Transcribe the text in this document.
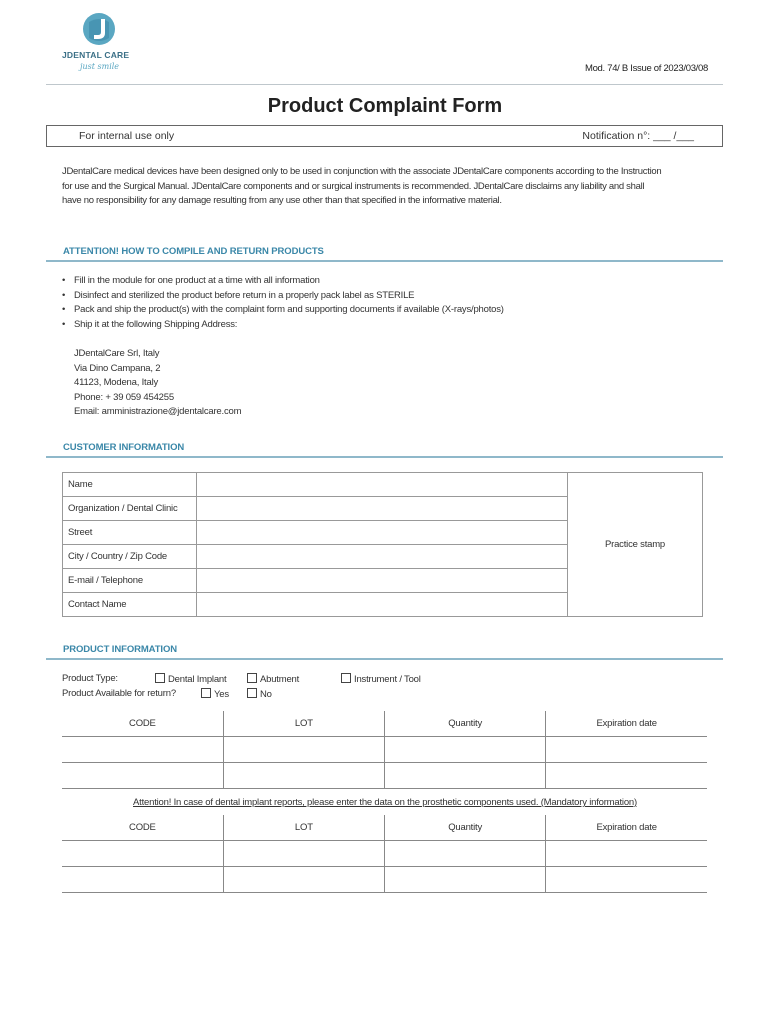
JDENTAL CARE
just smile	Mod. 74/ B Issue of 2023/03/08
Product Complaint Form
For internal use only	Notification n°: ___ /___
JDentalCare medical devices have been designed only to be used in conjunction with the associate JDentalCare components according to the Instruction for use and the Surgical Manual. JDentalCare components and or surgical instruments is recommended. JDentalCare disclaims any liability and shall have no responsibility for any damage resulting from any use other than that specified in the informative material.
ATTENTION! HOW TO COMPILE AND RETURN PRODUCTS
• Fill in the module for one product at a time with all information
• Disinfect and sterilized the product before return in a properly pack label as STERILE
• Pack and ship the product(s) with the complaint form and supporting documents if available (X-rays/photos)
• Ship it at the following Shipping Address:
JDentalCare Srl, Italy
Via Dino Campana, 2
41123, Modena, Italy
Phone: + 39 059 454255
Email: amministrazione@jdentalcare.com
CUSTOMER INFORMATION
Name		Practice stamp
Organization / Dental Clinic		
Street		
City / Country / Zip Code		
E-mail / Telephone		
Contact Name		
PRODUCT INFORMATION
Product Type:	Dental Implant	Abutment	Instrument / Tool
Product Available for return?	Yes	No
CODE	LOT	Quantity	Expiration date

Attention! In case of dental implant reports, please enter the data on the prosthetic components used. (Mandatory information)
CODE	LOT	Quantity	Expiration date
